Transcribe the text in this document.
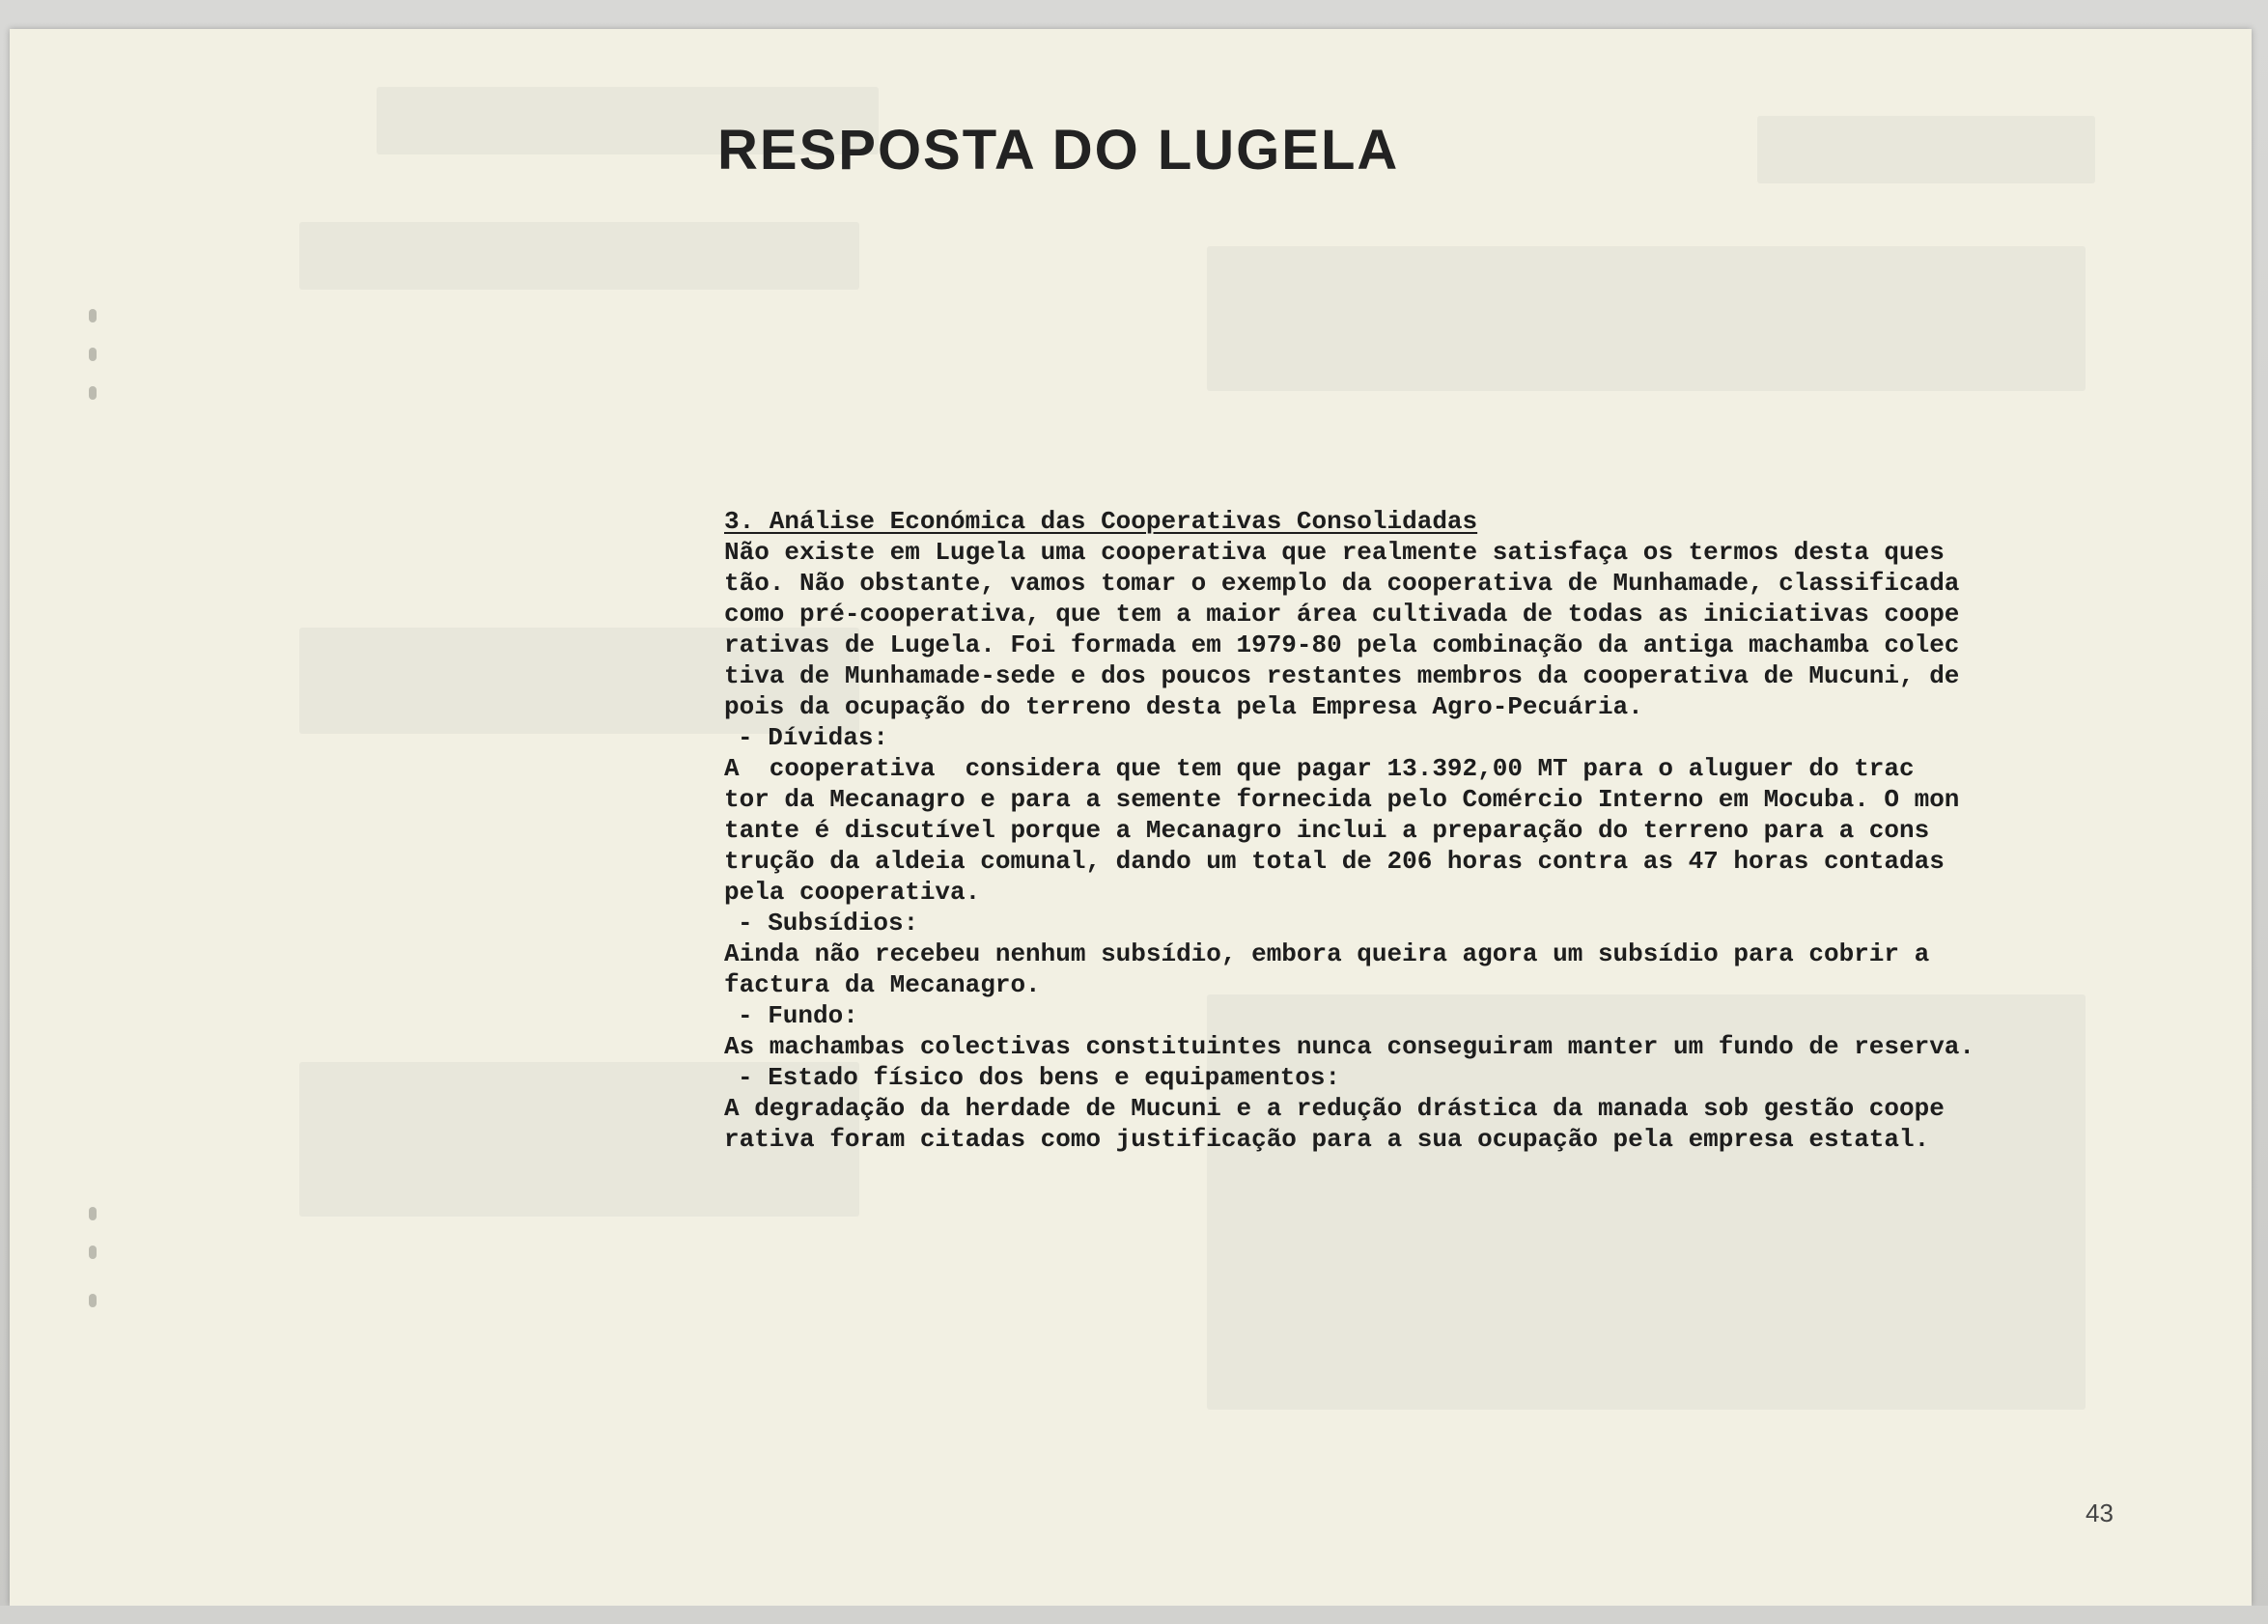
RESPOSTA DO LUGELA
3. Análise Económica das Cooperativas Consolidadas
Não existe em Lugela uma cooperativa que realmente satisfaça os termos desta ques
tão. Não obstante, vamos tomar o exemplo da cooperativa de Munhamade, classificada
como pré-cooperativa, que tem a maior área cultivada de todas as iniciativas coope
rativas de Lugela. Foi formada em 1979-80 pela combinação da antiga machamba colec
tiva de Munhamade-sede e dos poucos restantes membros da cooperativa de Mucuni, de
pois da ocupação do terreno desta pela Empresa Agro-Pecuária.
- Dívidas:
A  cooperativa  considera que tem que pagar 13.392,00 MT para o aluguer do trac
tor da Mecanagro e para a semente fornecida pelo Comércio Interno em Mocuba. O mon
tante é discutível porque a Mecanagro inclui a preparação do terreno para a cons
trução da aldeia comunal, dando um total de 206 horas contra as 47 horas contadas
pela cooperativa.
- Subsídios:
Ainda não recebeu nenhum subsídio, embora queira agora um subsídio para cobrir a
factura da Mecanagro.
- Fundo:
As machambas colectivas constituintes nunca conseguiram manter um fundo de reserva.
- Estado físico dos bens e equipamentos:
A degradação da herdade de Mucuni e a redução drástica da manada sob gestão coope
rativa foram citadas como justificação para a sua ocupação pela empresa estatal.
43
